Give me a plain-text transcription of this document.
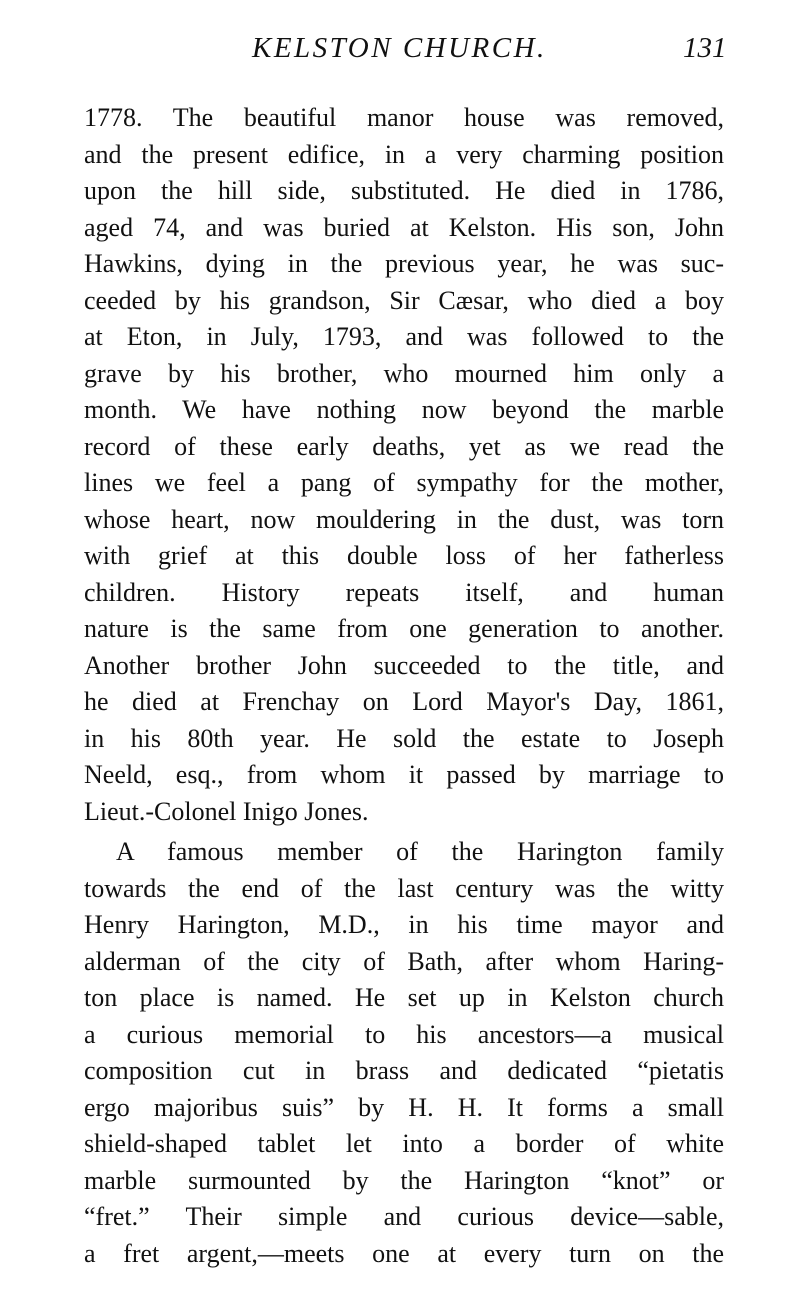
KELSTON CHURCH.	131
1778. The beautiful manor house was removed,
and the present edifice, in a very charming position
upon the hill side, substituted. He died in 1786,
aged 74, and was buried at Kelston. His son, John
Hawkins, dying in the previous year, he was suc-
ceeded by his grandson, Sir Cæsar, who died a boy
at Eton, in July, 1793, and was followed to the
grave by his brother, who mourned him only a
month. We have nothing now beyond the marble
record of these early deaths, yet as we read the
lines we feel a pang of sympathy for the mother,
whose heart, now mouldering in the dust, was torn
with grief at this double loss of her fatherless
children. History repeats itself, and human
nature is the same from one generation to another.
Another brother John succeeded to the title, and
he died at Frenchay on Lord Mayor's Day, 1861,
in his 80th year. He sold the estate to Joseph
Neeld, esq., from whom it passed by marriage to
Lieut.-Colonel Inigo Jones.
A famous member of the Harington family
towards the end of the last century was the witty
Henry Harington, M.D., in his time mayor and
alderman of the city of Bath, after whom Haring-
ton place is named. He set up in Kelston church
a curious memorial to his ancestors—a musical
composition cut in brass and dedicated “pietatis
ergo majoribus suis” by H. H. It forms a small
shield-shaped tablet let into a border of white
marble surmounted by the Harington “knot” or
“fret.” Their simple and curious device—sable,
a fret argent,—meets one at every turn on the
